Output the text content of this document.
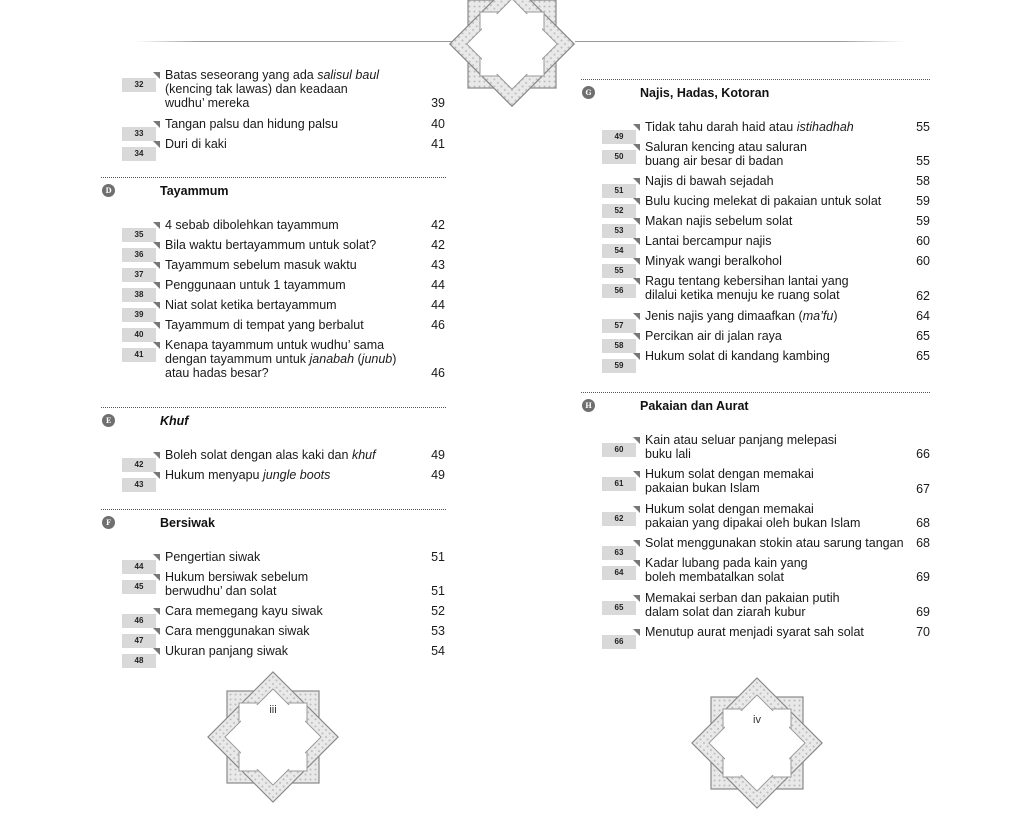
iii
iv
32
Batas seseorang yang ada salisul baul
(kencing tak lawas) dan keadaan
wudhu’ mereka	39
33
Tangan palsu dan hidung palsu	40
34
Duri di kaki	41
D	Tayammum
35
4 sebab dibolehkan tayammum	42
36
Bila waktu bertayammum untuk solat?	42
37
Tayammum sebelum masuk waktu	43
38
Penggunaan untuk 1 tayammum	44
39
Niat solat ketika bertayammum	44
40
Tayammum di tempat yang berbalut	46
41
Kenapa tayammum untuk wudhu’ sama
dengan tayammum untuk janabah (junub)
atau hadas besar?	46
E	Khuf
42
Boleh solat dengan alas kaki dan khuf	49
43
Hukum menyapu jungle boots	49
F	Bersiwak
44
Pengertian siwak	51
45
Hukum bersiwak sebelum
berwudhu’ dan solat	51
46
Cara memegang kayu siwak	52
47
Cara menggunakan siwak	53
48
Ukuran panjang siwak	54
G	Najis, Hadas, Kotoran
49
Tidak tahu darah haid atau istihadhah	55
50
Saluran kencing atau saluran
buang air besar di badan	55
51
Najis di bawah sejadah	58
52
Bulu kucing melekat di pakaian untuk solat	59
53
Makan najis sebelum solat	59
54
Lantai bercampur najis	60
55
Minyak wangi beralkohol	60
56
Ragu tentang kebersihan lantai yang
dilalui ketika menuju ke ruang solat	62
57
Jenis najis yang dimaafkan (ma’fu)	64
58
Percikan air di jalan raya	65
59
Hukum solat di kandang kambing	65
H	Pakaian dan Aurat
60
Kain atau seluar panjang melepasi
buku lali	66
61
Hukum solat dengan memakai
pakaian bukan Islam	67
62
Hukum solat dengan memakai
pakaian yang dipakai oleh bukan Islam	68
63
Solat menggunakan stokin atau sarung tangan	68
64
Kadar lubang pada kain yang
boleh membatalkan solat	69
65
Memakai serban dan pakaian putih
dalam solat dan ziarah kubur	69
66
Menutup aurat menjadi syarat sah solat	70
